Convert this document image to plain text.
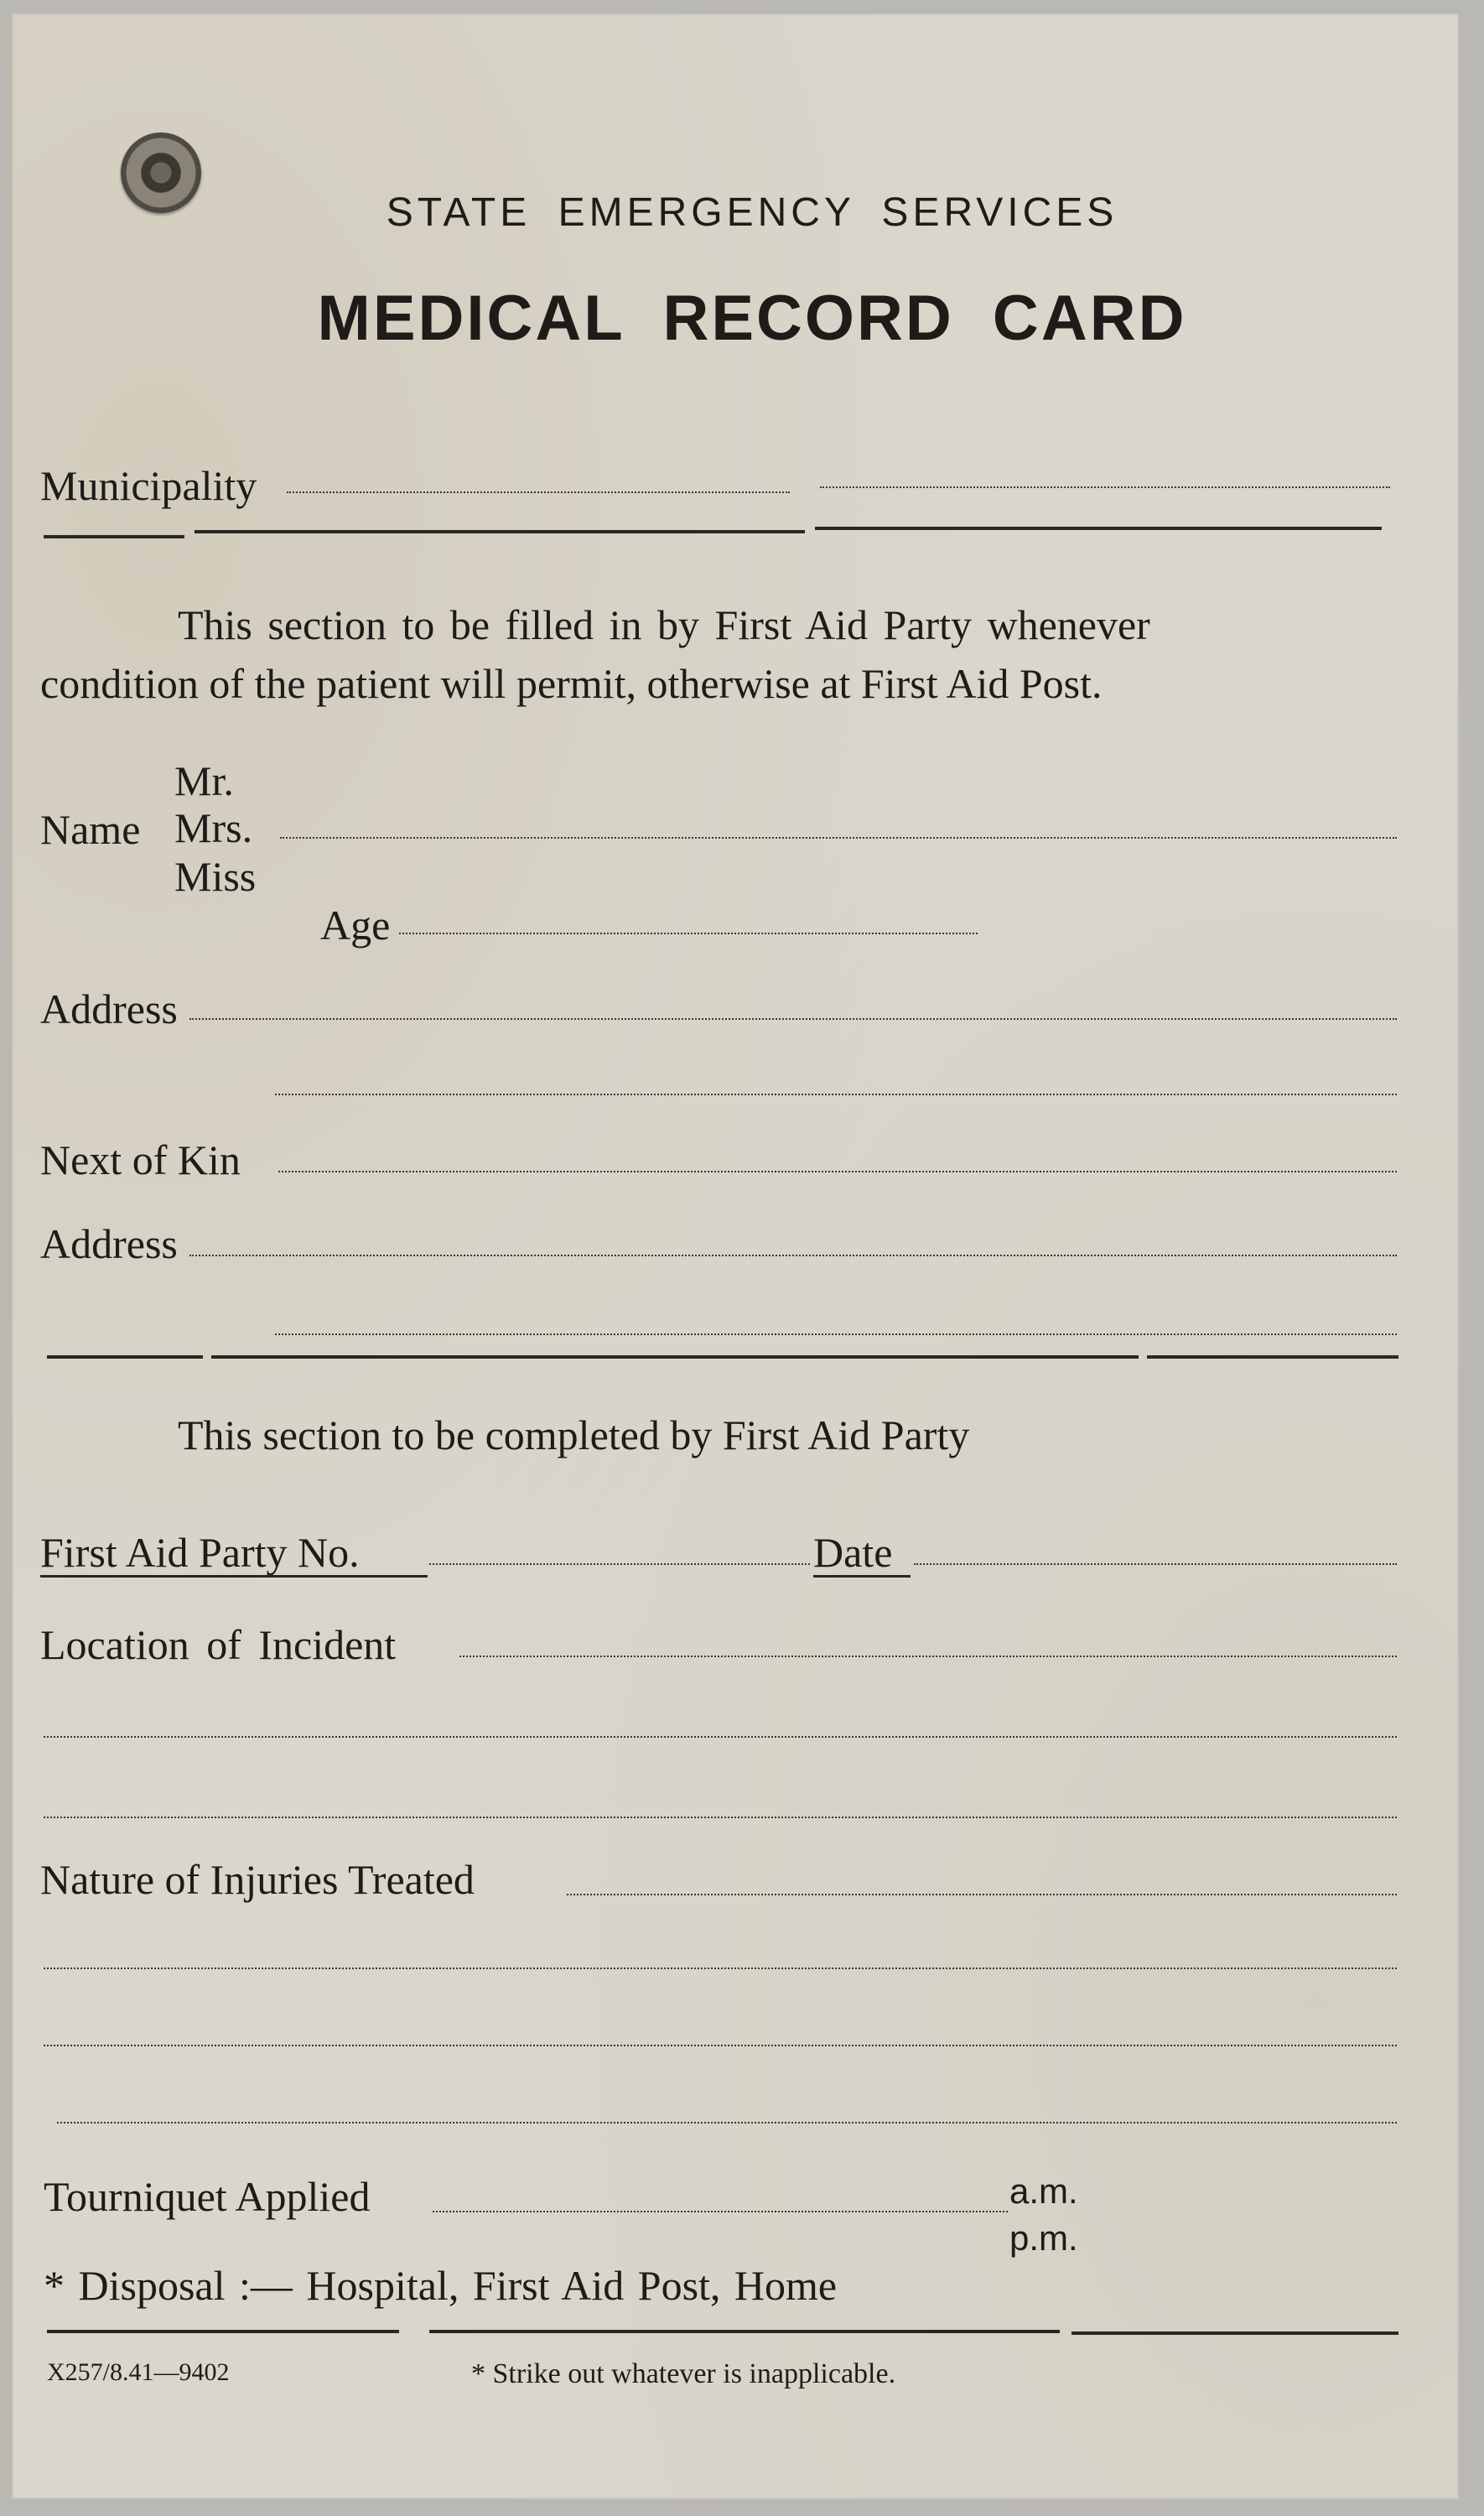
STATE EMERGENCY SERVICES
MEDICAL RECORD CARD
Municipality
This section to be filled in by First Aid Party whenever
condition of the patient will permit, otherwise at First Aid Post.
Mr.
Name Mrs.
Miss
Age
Address
Next of Kin
Address
This section to be completed by First Aid Party
First Aid Party No.	Date
Location of Incident
Nature of Injuries Treated
Tourniquet Applied	a.m.
p.m.
* Disposal :— Hospital, First Aid Post, Home
X257/8.41—9402	* Strike out whatever is inapplicable.
